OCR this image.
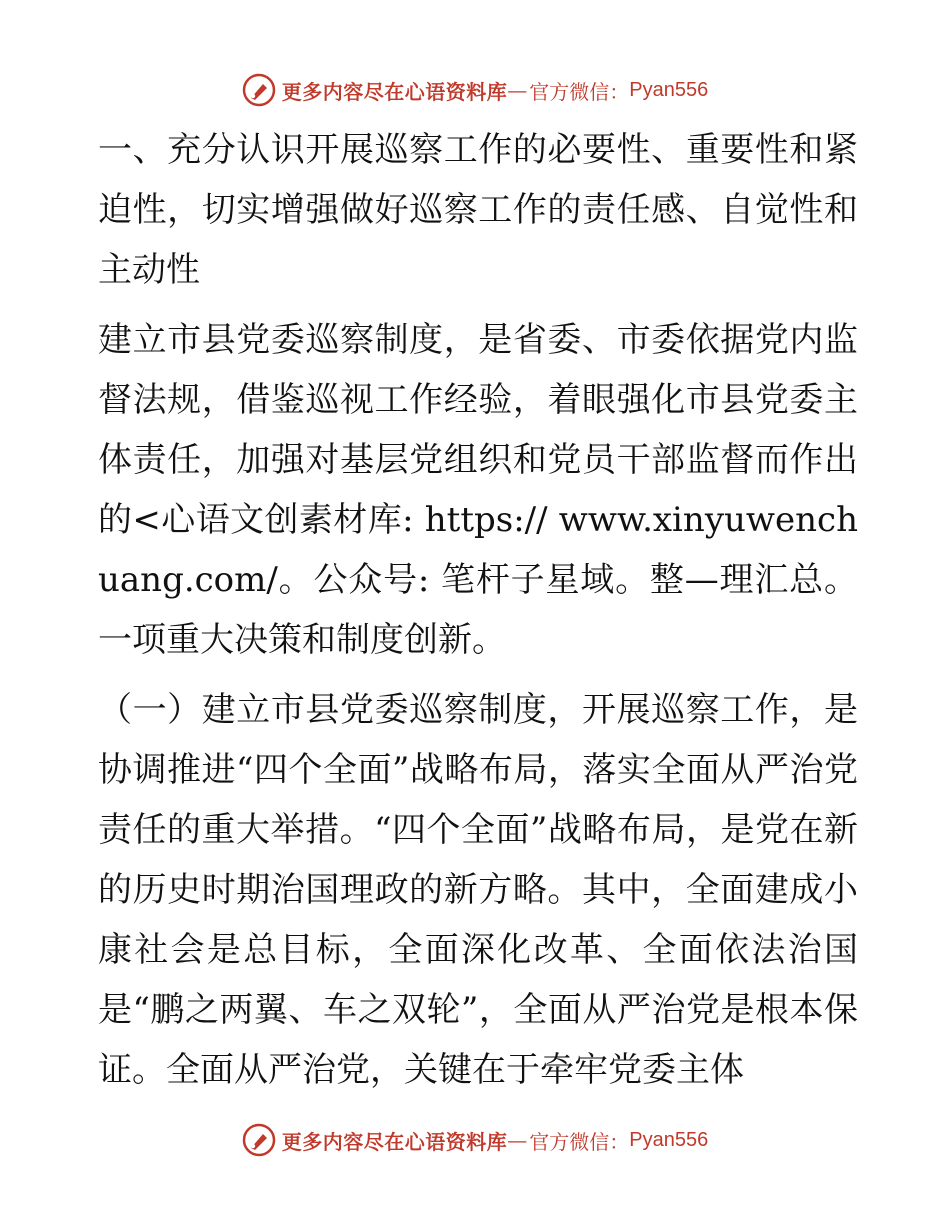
更多内容尽在心语资料库 — 官方微信： Pyan556

一、充分认识开展巡察工作的必要性、重要性和紧迫性，切实增强做好巡察工作的责任感、自觉性和主动性

建立市县党委巡察制度，是省委、市委依据党内监督法规，借鉴巡视工作经验，着眼强化市县党委主体责任，加强对基层党组织和党员干部监督而作出的<心语文创素材库: https:// www.xinyuwenchuang.com/。公众号: 笔杆子星域。整—理汇总。一项重大决策和制度创新。

（一）建立市县党委巡察制度，开展巡察工作，是协调推进“四个全面”战略布局，落实全面从严治党责任的重大举措。“四个全面”战略布局，是党在新的历史时期治国理政的新方略。其中，全面建成小康社会是总目标，全面深化改革、全面依法治国是“鹏之两翼、车之双轮”，全面从严治党是根本保证。全面从严治党，关键在于牵牢党委主体

更多内容尽在心语资料库 — 官方微信： Pyan556
